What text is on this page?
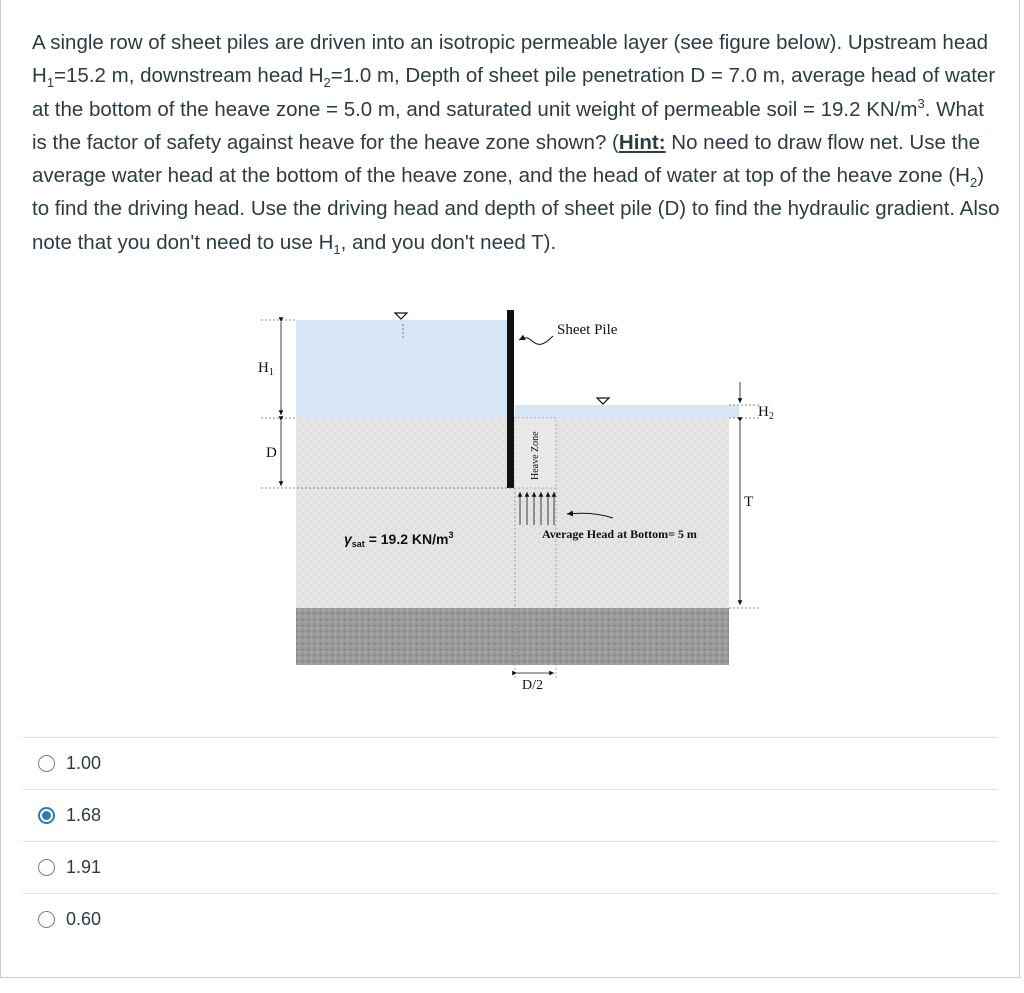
A single row of sheet piles are driven into an isotropic permeable layer (see figure below). Upstream head $H_1=15.2$ m, downstream head $H_2=1.0$ m, Depth of sheet pile penetration D = 7.0 m, average head of water at the bottom of the heave zone = 5.0 m, and saturated unit weight of permeable soil = 19.2 $KN/m^3$. What is the factor of safety against heave for the heave zone shown? (Hint: No need to draw flow net. Use the average water head at the bottom of the heave zone, and the head of water at top of the heave zone $(H_2)$ to find the driving head. Use the driving head and depth of sheet pile (D) to find the hydraulic gradient. Also note that you don't need to use $H_1$, and you don't need T).
$H_1$
D
$H_2$
T
Sheet Pile
Heave Zone
Average Head at Bottom= 5 m
$\gamma_{sat} = 19.2$ $KN/m^3$
D/2
1.00
1.68
1.91
0.60
